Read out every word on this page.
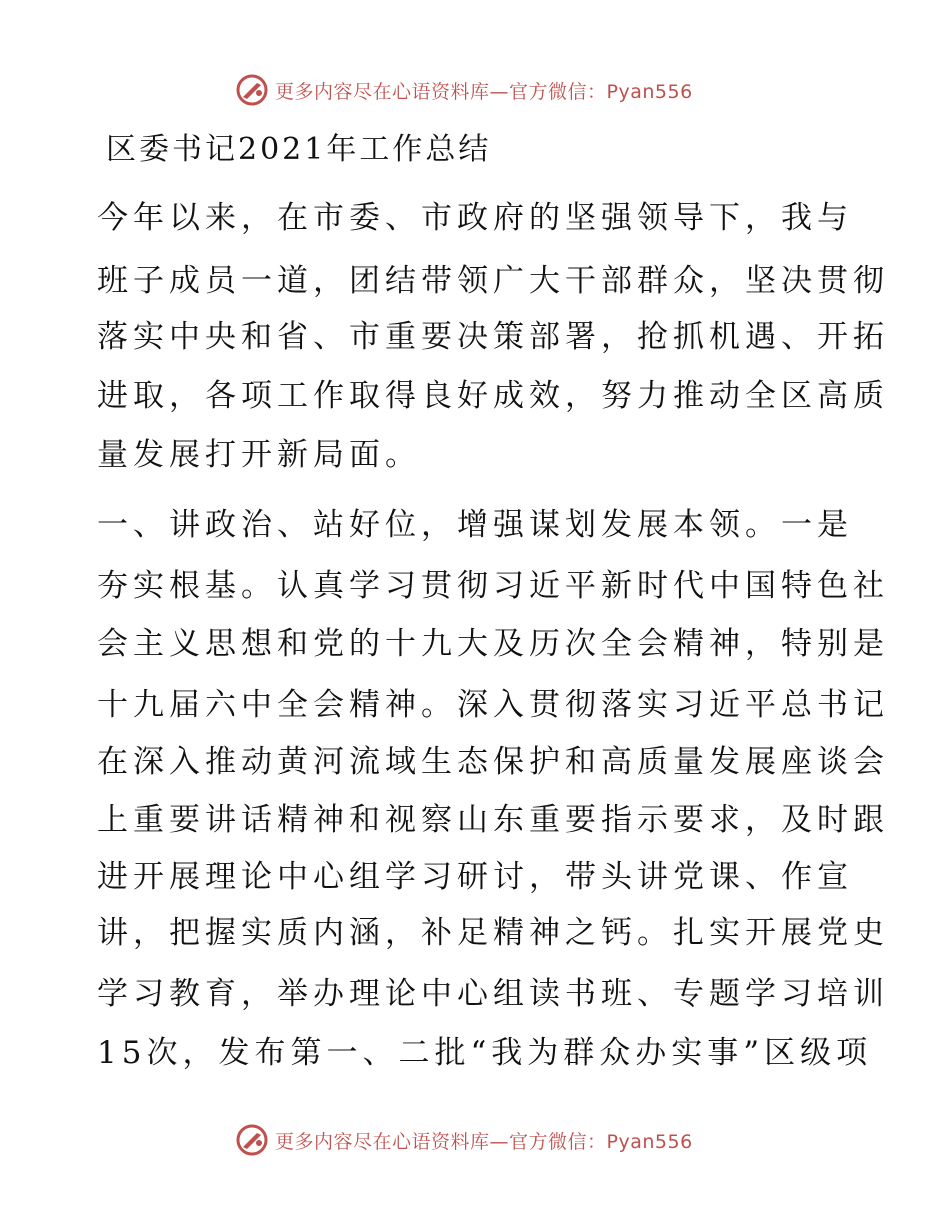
更多内容尽在心语资料库—官方微信：Pyan556
区委书记2021年工作总结
今年以来，在市委、市政府的坚强领导下，我与
班子成员一道，团结带领广大干部群众，坚决贯彻
落实中央和省、市重要决策部署，抢抓机遇、开拓
进取，各项工作取得良好成效，努力推动全区高质
量发展打开新局面。
一、讲政治、站好位，增强谋划发展本领。一是
夯实根基。认真学习贯彻习近平新时代中国特色社
会主义思想和党的十九大及历次全会精神，特别是
十九届六中全会精神。深入贯彻落实习近平总书记
在深入推动黄河流域生态保护和高质量发展座谈会
上重要讲话精神和视察山东重要指示要求，及时跟
进开展理论中心组学习研讨，带头讲党课、作宣
讲，把握实质内涵，补足精神之钙。扎实开展党史
学习教育，举办理论中心组读书班、专题学习培训
15次，发布第一、二批“我为群众办实事”区级项
更多内容尽在心语资料库—官方微信：Pyan556
